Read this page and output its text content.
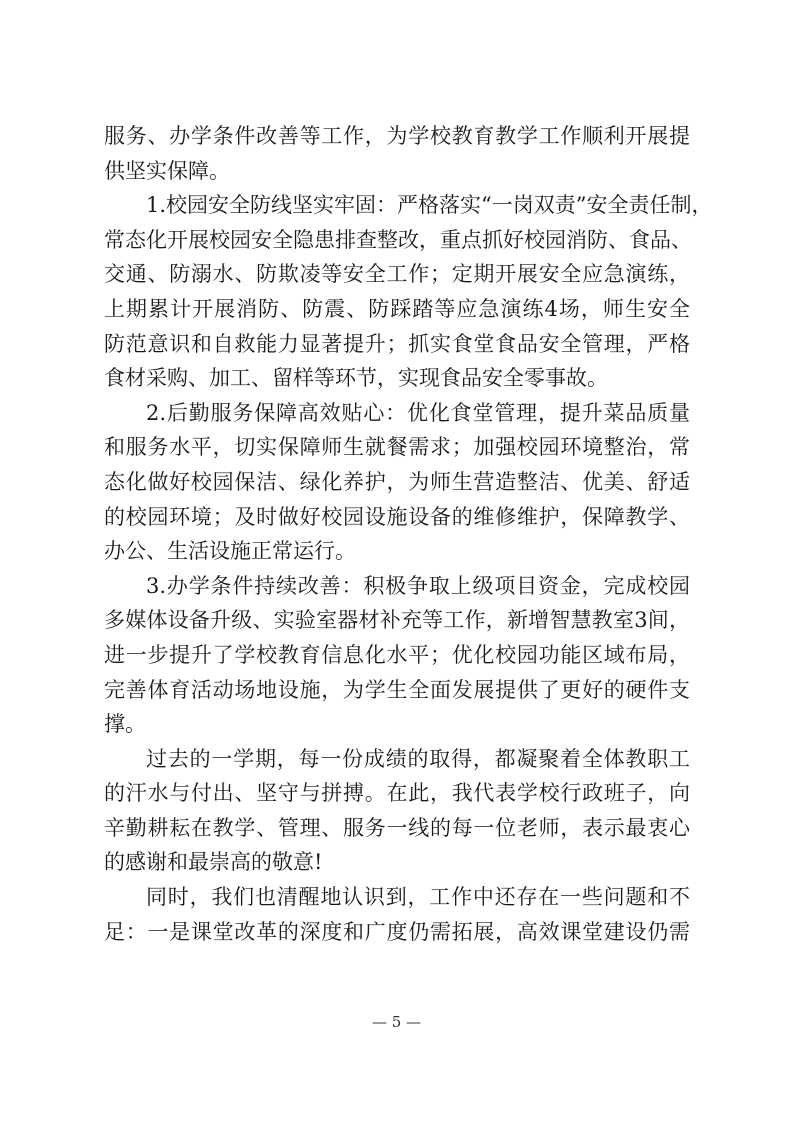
服务、办学条件改善等工作，为学校教育教学工作顺利开展提
供坚实保障。
1.校园安全防线坚实牢固：严格落实“一岗双责”安全责任制，
常态化开展校园安全隐患排查整改，重点抓好校园消防、食品、
交通、防溺水、防欺凌等安全工作；定期开展安全应急演练，
上期累计开展消防、防震、防踩踏等应急演练4场，师生安全
防范意识和自救能力显著提升；抓实食堂食品安全管理，严格
食材采购、加工、留样等环节，实现食品安全零事故。
2.后勤服务保障高效贴心：优化食堂管理，提升菜品质量
和服务水平，切实保障师生就餐需求；加强校园环境整治，常
态化做好校园保洁、绿化养护，为师生营造整洁、优美、舒适
的校园环境；及时做好校园设施设备的维修维护，保障教学、
办公、生活设施正常运行。
3.办学条件持续改善：积极争取上级项目资金，完成校园
多媒体设备升级、实验室器材补充等工作，新增智慧教室3间，
进一步提升了学校教育信息化水平；优化校园功能区域布局，
完善体育活动场地设施，为学生全面发展提供了更好的硬件支
撑。
过去的一学期，每一份成绩的取得，都凝聚着全体教职工
的汗水与付出、坚守与拼搏。在此，我代表学校行政班子，向
辛勤耕耘在教学、管理、服务一线的每一位老师，表示最衷心
的感谢和最崇高的敬意!
同时，我们也清醒地认识到，工作中还存在一些问题和不
足：一是课堂改革的深度和广度仍需拓展，高效课堂建设仍需
— 5 —
